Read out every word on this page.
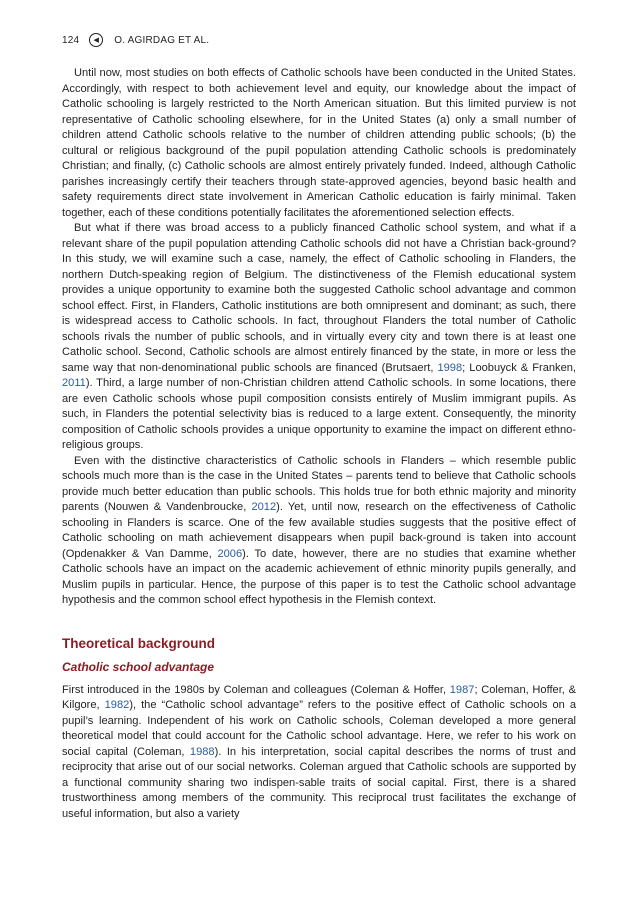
124 ◀ O. AGIRDAG ET AL.

Until now, most studies on both effects of Catholic schools have been conducted in the United States. Accordingly, with respect to both achievement level and equity, our knowledge about the impact of Catholic schooling is largely restricted to the North American situation. But this limited purview is not representative of Catholic schooling elsewhere, for in the United States (a) only a small number of children attend Catholic schools relative to the number of children attending public schools; (b) the cultural or religious background of the pupil population attending Catholic schools is predominately Christian; and finally, (c) Catholic schools are almost entirely privately funded. Indeed, although Catholic parishes increasingly certify their teachers through state-approved agencies, beyond basic health and safety requirements direct state involvement in American Catholic education is fairly minimal. Taken together, each of these conditions potentially facilitates the aforementioned selection effects.

But what if there was broad access to a publicly financed Catholic school system, and what if a relevant share of the pupil population attending Catholic schools did not have a Christian back-ground? In this study, we will examine such a case, namely, the effect of Catholic schooling in Flanders, the northern Dutch-speaking region of Belgium. The distinctiveness of the Flemish educational system provides a unique opportunity to examine both the suggested Catholic school advantage and common school effect. First, in Flanders, Catholic institutions are both omnipresent and dominant; as such, there is widespread access to Catholic schools. In fact, throughout Flanders the total number of Catholic schools rivals the number of public schools, and in virtually every city and town there is at least one Catholic school. Second, Catholic schools are almost entirely financed by the state, in more or less the same way that non-denominational public schools are financed (Brutsaert, 1998; Loobuyck & Franken, 2011). Third, a large number of non-Christian children attend Catholic schools. In some locations, there are even Catholic schools whose pupil composition consists entirely of Muslim immigrant pupils. As such, in Flanders the potential selectivity bias is reduced to a large extent. Consequently, the minority composition of Catholic schools provides a unique opportunity to examine the impact on different ethno-religious groups.

Even with the distinctive characteristics of Catholic schools in Flanders – which resemble public schools much more than is the case in the United States – parents tend to believe that Catholic schools provide much better education than public schools. This holds true for both ethnic majority and minority parents (Nouwen & Vandenbroucke, 2012). Yet, until now, research on the effectiveness of Catholic schooling in Flanders is scarce. One of the few available studies suggests that the positive effect of Catholic schooling on math achievement disappears when pupil back-ground is taken into account (Opdenakker & Van Damme, 2006). To date, however, there are no studies that examine whether Catholic schools have an impact on the academic achievement of ethnic minority pupils generally, and Muslim pupils in particular. Hence, the purpose of this paper is to test the Catholic school advantage hypothesis and the common school effect hypothesis in the Flemish context.

Theoretical background
Catholic school advantage

First introduced in the 1980s by Coleman and colleagues (Coleman & Hoffer, 1987; Coleman, Hoffer, & Kilgore, 1982), the “Catholic school advantage” refers to the positive effect of Catholic schools on a pupil’s learning. Independent of his work on Catholic schools, Coleman developed a more general theoretical model that could account for the Catholic school advantage. Here, we refer to his work on social capital (Coleman, 1988). In his interpretation, social capital describes the norms of trust and reciprocity that arise out of our social networks. Coleman argued that Catholic schools are supported by a functional community sharing two indispen-sable traits of social capital. First, there is a shared trustworthiness among members of the community. This reciprocal trust facilitates the exchange of useful information, but also a variety
